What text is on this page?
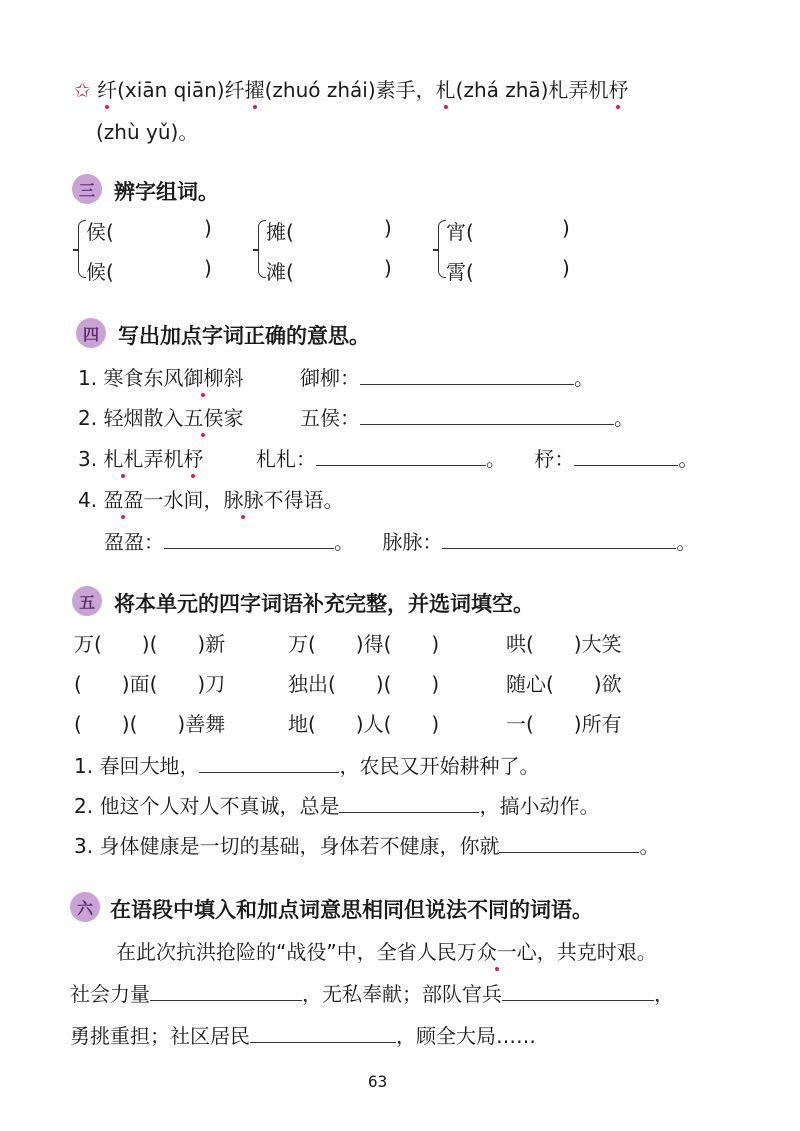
✩ 纤(xiān qiān)纤擢(zhuó zhái)素手，札(zhá zhā)札弄机杼
(zhù yǔ)。
三 辨字组词。
侯(	)
候(	)
摊(	)
滩(	)
宵(	)
霄(	)
四 写出加点字词正确的意思。
1. 寒食东风御柳斜	御柳：	。
2. 轻烟散入五侯家	五侯：	。
3. 札札弄机杼	札札：	。 杼：	。
4. 盈盈一水间，脉脉不得语。
盈盈：	。 脉脉：	。
五 将本单元的四字词语补充完整，并选词填空。
万(　　)(　　)新	万(　　)得(　　)	哄(　　)大笑
(　　)面(　　)刀	独出(　　)(　　)	随心(　　)欲
(　　)(　　)善舞	地(　　)人(　　)	一(　　)所有
1. 春回大地，	，农民又开始耕种了。
2. 他这个人对人不真诚，总是	，搞小动作。
3. 身体健康是一切的基础，身体若不健康，你就	。
六 在语段中填入和加点词意思相同但说法不同的词语。
在此次抗洪抢险的“战役”中，全省人民万众一心，共克时艰。
社会力量	，无私奉献；部队官兵	，
勇挑重担；社区居民	，顾全大局……
63
